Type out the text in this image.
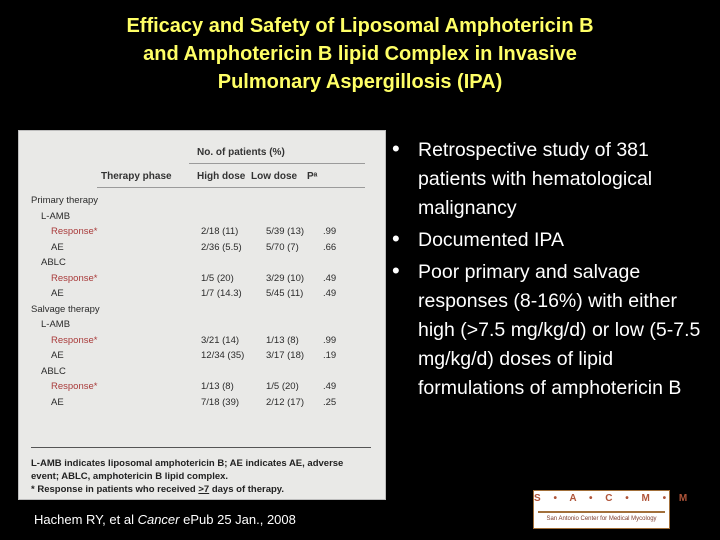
Efficacy and Safety of Liposomal Amphotericin B
and Amphotericin B lipid Complex in Invasive
Pulmonary Aspergillosis (IPA)
No. of patients (%)
Therapy phase	High dose Low dose Pᵃ
Primary therapy
L-AMB
Response*	2/18 (11)	5/39 (13) .99
AE	2/36 (5.5)	5/70 (7)	.66
ABLC
Response*	1/5 (20)	3/29 (10) .49
AE	1/7 (14.3)	5/45 (11) .49
Salvage therapy
L-AMB
Response*	3/21 (14)	1/13 (8)	.99
AE	12/34 (35) 3/17 (18) .19
ABLC
Response*	1/13 (8)	1/5 (20)	.49
AE	7/18 (39)	2/12 (17) .25
L-AMB indicates liposomal amphotericin B; AE indicates AE, adverse event; ABLC, amphotericin B lipid complex.
* Response in patients who received >7 days of therapy.
Hachem RY, et al Cancer ePub 25 Jan., 2008
• Retrospective study of 381 patients with hematological malignancy
• Documented IPA
• Poor primary and salvage responses (8-16%) with either high (>7.5 mg/kg/d) or low (5-7.5 mg/kg/d) doses of lipid formulations of amphotericin B
S • A • C • M • M
San Antonio Center for Medical Mycology
